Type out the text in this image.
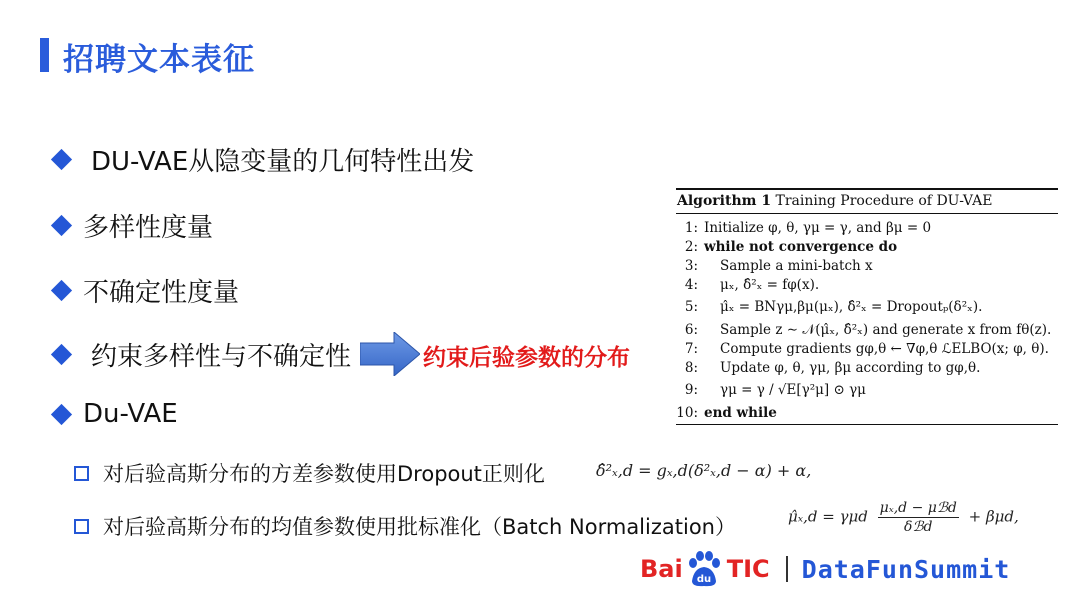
招聘文本表征
DU-VAE从隐变量的几何特性出发
多样性度量
不确定性度量
约束多样性与不确定性
Du-VAE
约束后验参数的分布
对后验高斯分布的方差参数使用Dropout正则化
对后验高斯分布的均值参数使用批标准化（Batch Normalization）
δ̂²ₓ,d = gₓ,d(δ²ₓ,d − α) + α,
μ̂ₓ,d = γμd $\frac{\text{μₓ,d − μℬd}}{\text{δℬd}} + \beta\mu d$,
Algorithm 1 Training Procedure of DU-VAE
1: Initialize φ, θ, γμ = γ, and βμ = 0
2: while not convergence do
3:	Sample a mini-batch x
4:	μₓ, δ̂²ₓ = fφ(x).
5:	μ̂ₓ = BNγμ,βμ(μₓ), δ̂²ₓ = Dropoutₚ(δ²ₓ).
6:	Sample z ∼ 𝒩(μ̂ₓ, δ̂²ₓ) and generate x from fθ(z).
7:	Compute gradients gφ,θ ← ∇φ,θ ℒELBO(x; φ, θ).
8:	Update φ, θ, γμ, βμ according to gφ,θ.
9:	γμ = γ / √E[γ²μ] ⊙ γμ
10: end while
Bai du TIC DataFunSummit
